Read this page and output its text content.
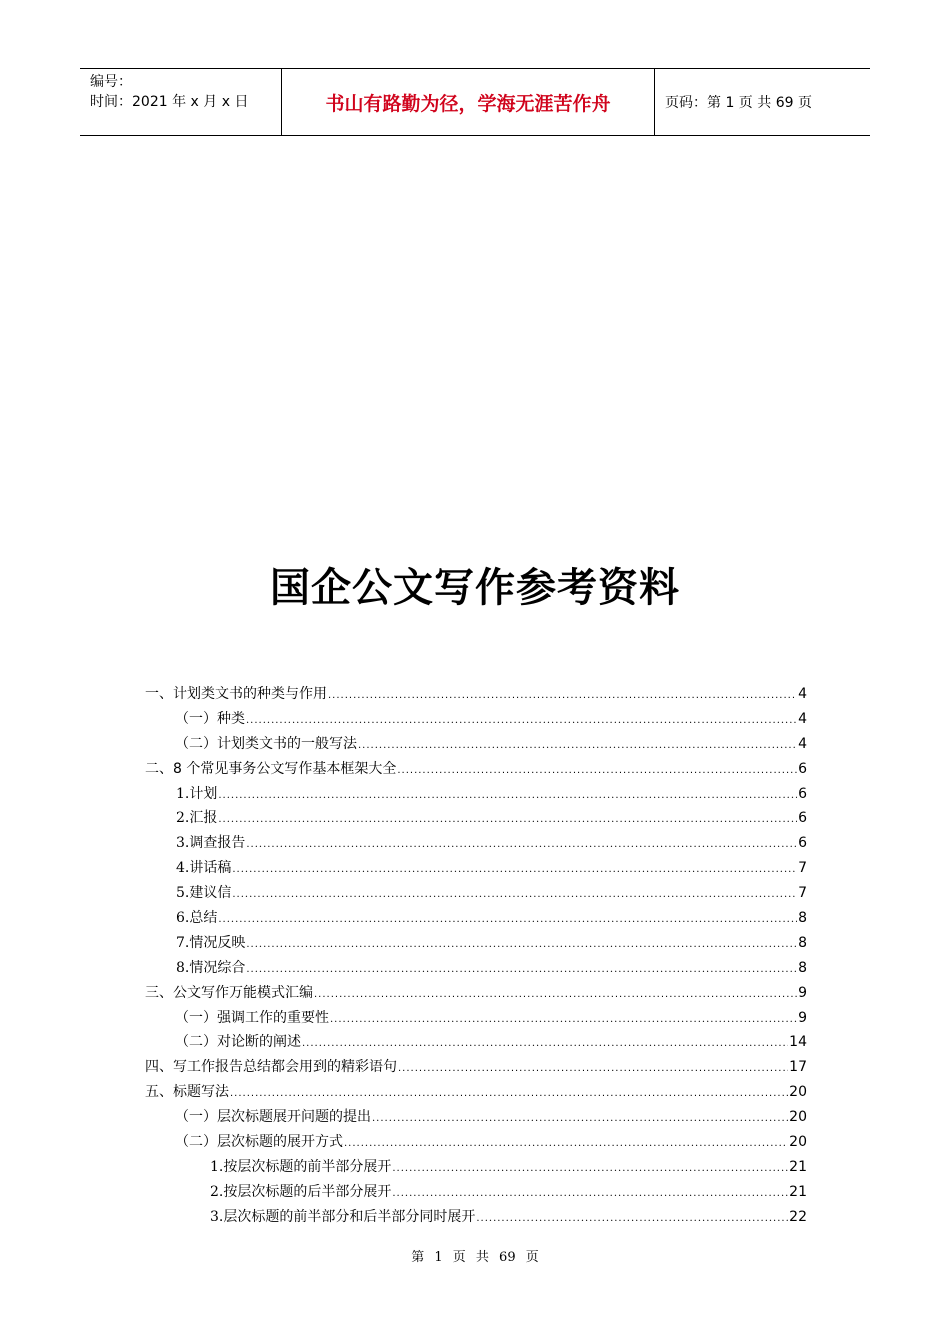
编号：
时间：2021 年 x 月 x 日	书山有路勤为径，学海无涯苦作舟	页码：第 1 页 共 69 页
国企公文写作参考资料
一、计划类文书的种类与作用 .....	4
（一）种类 .....	4
（二）计划类文书的一般写法 .....	4
二、8 个常见事务公文写作基本框架大全 .....	6
1.计划 .....	6
2.汇报 .....	6
3.调查报告 .....	6
4.讲话稿 .....	7
5.建议信 .....	7
6.总结 .....	8
7.情况反映 .....	8
8.情况综合 .....	8
三、公文写作万能模式汇编 .....	9
（一）强调工作的重要性 .....	9
（二）对论断的阐述 .....	14
四、写工作报告总结都会用到的精彩语句 .....	17
五、标题写法 .....	20
（一）层次标题展开问题的提出 .....	20
（二）层次标题的展开方式 .....	20
1.按层次标题的前半部分展开 .....	21
2.按层次标题的后半部分展开 .....	21
3.层次标题的前半部分和后半部分同时展开 .....	22
第 1 页 共 69 页
